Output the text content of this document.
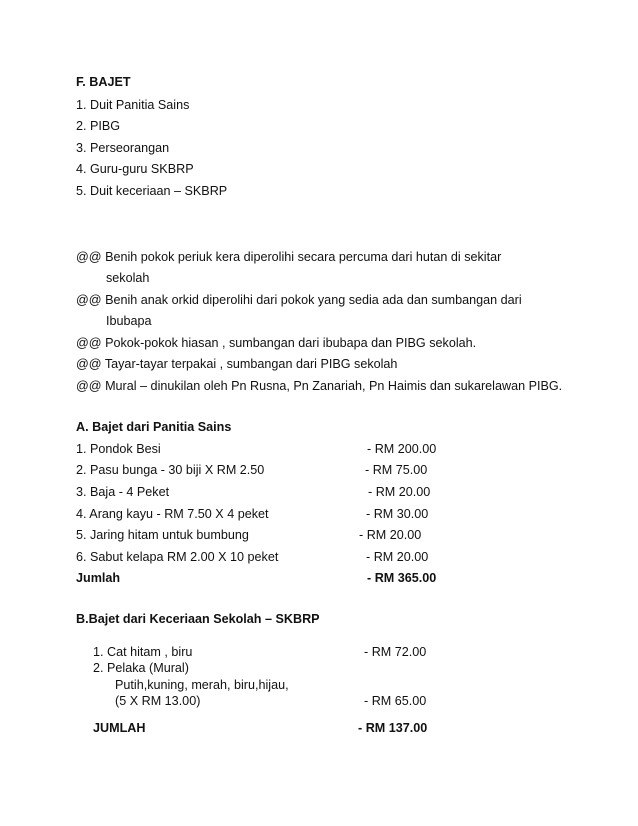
F. BAJET
1. Duit Panitia Sains
2. PIBG
3. Perseorangan
4. Guru-guru SKBRP
5. Duit keceriaan – SKBRP
@@ Benih pokok periuk kera diperolihi secara percuma dari hutan di sekitar
sekolah
@@ Benih anak orkid diperolihi dari pokok yang sedia ada dan sumbangan dari
Ibubapa
@@ Pokok-pokok hiasan , sumbangan dari ibubapa dan PIBG sekolah.
@@ Tayar-tayar terpakai , sumbangan dari PIBG sekolah
@@ Mural – dinukilan oleh Pn Rusna, Pn Zanariah, Pn Haimis dan sukarelawan PIBG.
A. Bajet dari Panitia Sains
1. Pondok Besi	- RM 200.00
2. Pasu bunga - 30 biji X RM 2.50	- RM 75.00
3. Baja - 4 Peket	- RM 20.00
4. Arang kayu - RM 7.50 X 4 peket	- RM 30.00
5. Jaring hitam untuk bumbung	- RM 20.00
6. Sabut kelapa RM 2.00 X 10 peket	- RM 20.00
Jumlah	- RM 365.00
B.Bajet dari Keceriaan Sekolah – SKBRP
1. Cat hitam , biru	- RM 72.00
2. Pelaka (Mural)
Putih,kuning, merah, biru,hijau,
(5 X RM 13.00)	- RM 65.00
JUMLAH	- RM 137.00
